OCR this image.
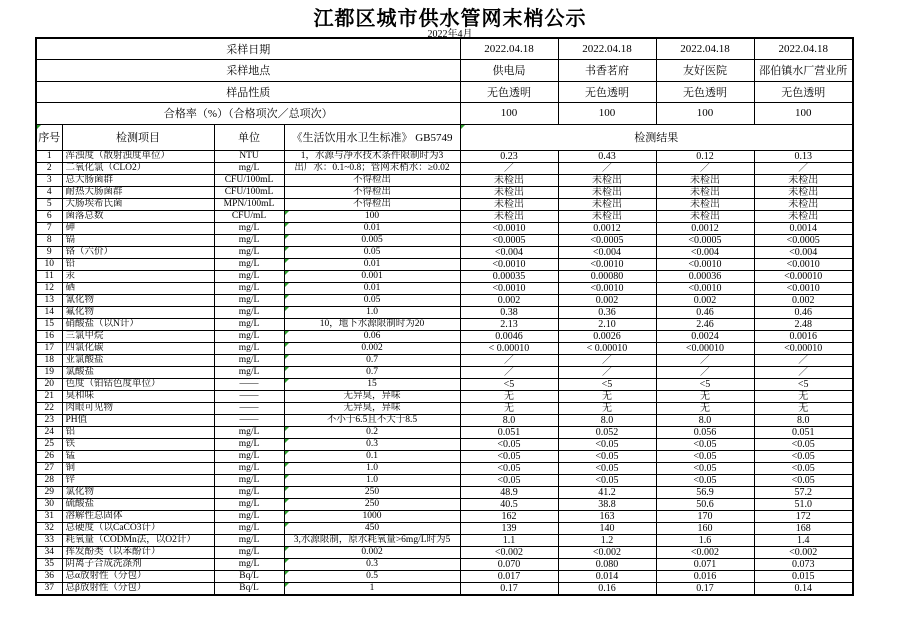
江都区城市供水管网末梢公示
2022年4月
采样日期				2022.04.18	2022.04.18	2022.04.18	2022.04.18
采样地点				供电局	书香茗府	友好医院	邵伯镇水厂营业所
样品性质				无色透明	无色透明	无色透明	无色透明
合格率（%）（合格项次／总项次）				100	100	100	100

序号	检测项目	单位	《生活饮用水卫生标准》 GB5749	检测结果			
1	浑浊度（散射浊度单位）	NTU	1，水源与净水技术条件限制时为3	0.23	0.43	0.12	0.13
2	二氧化氯（CLO2）	mg/L	出厂水：0.1~0.8；管网末梢水：≥0.02	／	／	／	／
3	总大肠菌群	CFU/100mL	不得检出	未检出	未检出	未检出	未检出
4	耐热大肠菌群	CFU/100mL	不得检出	未检出	未检出	未检出	未检出
5	大肠埃希氏菌	MPN/100mL	不得检出	未检出	未检出	未检出	未检出
6	菌落总数	CFU/mL	100	未检出	未检出	未检出	未检出
7	砷	mg/L	0.01	<0.0010	0.0012	0.0012	0.0014
8	镉	mg/L	0.005	<0.0005	<0.0005	<0.0005	<0.0005
9	铬（六价）	mg/L	0.05	<0.004	<0.004	<0.004	<0.004
10	铅	mg/L	0.01	<0.0010	<0.0010	<0.0010	<0.0010
11	汞	mg/L	0.001	0.00035	0.00080	0.00036	<0.00010
12	硒	mg/L	0.01	<0.0010	<0.0010	<0.0010	<0.0010
13	氰化物	mg/L	0.05	0.002	0.002	0.002	0.002
14	氟化物	mg/L	1.0	0.38	0.36	0.46	0.46
15	硝酸盐（以N计）	mg/L	10，地下水源限制时为20	2.13	2.10	2.46	2.48
16	三氯甲烷	mg/L	0.06	0.0046	0.0026	0.0024	0.0016
17	四氯化碳	mg/L	0.002	< 0.00010	< 0.00010	<0.00010	<0.00010
18	亚氯酸盐	mg/L	0.7	／	／	／	／
19	氯酸盐	mg/L	0.7	／	／	／	／
20	色度（铂钴色度单位）	——	15	<5	<5	<5	<5
21	臭和味	——	无异臭，异味	无	无	无	无
22	肉眼可见物	——	无异臭，异味	无	无	无	无
23	PH值	——	不小于6.5且不大于8.5	8.0	8.0	8.0	8.0
24	铝	mg/L	0.2	0.051	0.052	0.056	0.051
25	铁	mg/L	0.3	<0.05	<0.05	<0.05	<0.05
26	锰	mg/L	0.1	<0.05	<0.05	<0.05	<0.05
27	铜	mg/L	1.0	<0.05	<0.05	<0.05	<0.05
28	锌	mg/L	1.0	<0.05	<0.05	<0.05	<0.05
29	氯化物	mg/L	250	48.9	41.2	56.9	57.2
30	硫酸盐	mg/L	250	40.5	38.8	50.6	51.0
31	溶解性总固体	mg/L	1000	162	163	170	172
32	总硬度（以CaCO3计）	mg/L	450	139	140	160	168
33	耗氧量（CODMn法，以O2计）	mg/L	3,水源限制，原水耗氧量>6mg/L时为5	1.1	1.2	1.6	1.4
34	挥发酚类（以苯酚计）	mg/L	0.002	<0.002	<0.002	<0.002	<0.002
35	阴离子合成洗涤剂	mg/L	0.3	0.070	0.080	0.071	0.073
36	总α放射性（分包）	Bq/L	0.5	0.017	0.014	0.016	0.015
37	总β放射性（分包）	Bq/L	1	0.17	0.16	0.17	0.14
